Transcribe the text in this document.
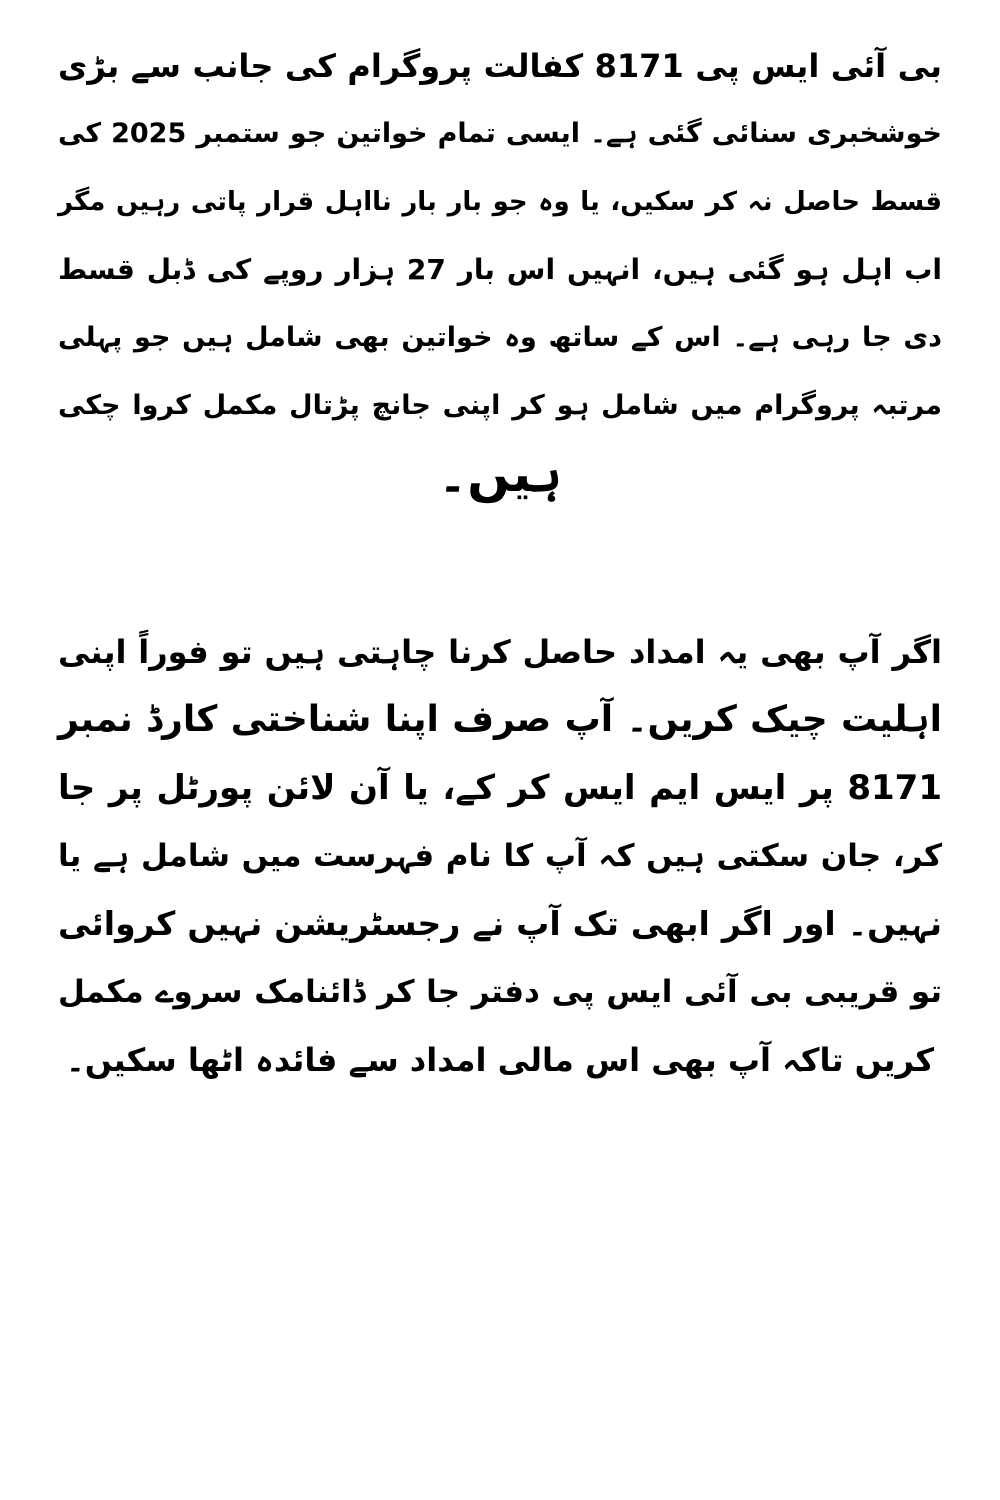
بی آئی ایس پی 8171 کفالت پروگرام کی جانب سے بڑی
خوشخبری سنائی گئی ہے۔ ایسی تمام خواتین جو ستمبر 2025 کی
قسط حاصل نہ کر سکیں، یا وہ جو بار بار نااہل قرار پاتی رہیں مگر
اب اہل ہو گئی ہیں، انہیں اس بار 27 ہزار روپے کی ڈبل قسط
دی جا رہی ہے۔ اس کے ساتھ وہ خواتین بھی شامل ہیں جو پہلی
مرتبہ پروگرام میں شامل ہو کر اپنی جانچ پڑتال مکمل کروا چکی
ہیں۔

اگر آپ بھی یہ امداد حاصل کرنا چاہتی ہیں تو فوراً اپنی
اہلیت چیک کریں۔ آپ صرف اپنا شناختی کارڈ نمبر
8171 پر ایس ایم ایس کر کے، یا آن لائن پورٹل پر جا
کر، جان سکتی ہیں کہ آپ کا نام فہرست میں شامل ہے یا
نہیں۔ اور اگر ابھی تک آپ نے رجسٹریشن نہیں کروائی
تو قریبی بی آئی ایس پی دفتر جا کر ڈائنامک سروے مکمل
کریں تاکہ آپ بھی اس مالی امداد سے فائدہ اٹھا سکیں۔
